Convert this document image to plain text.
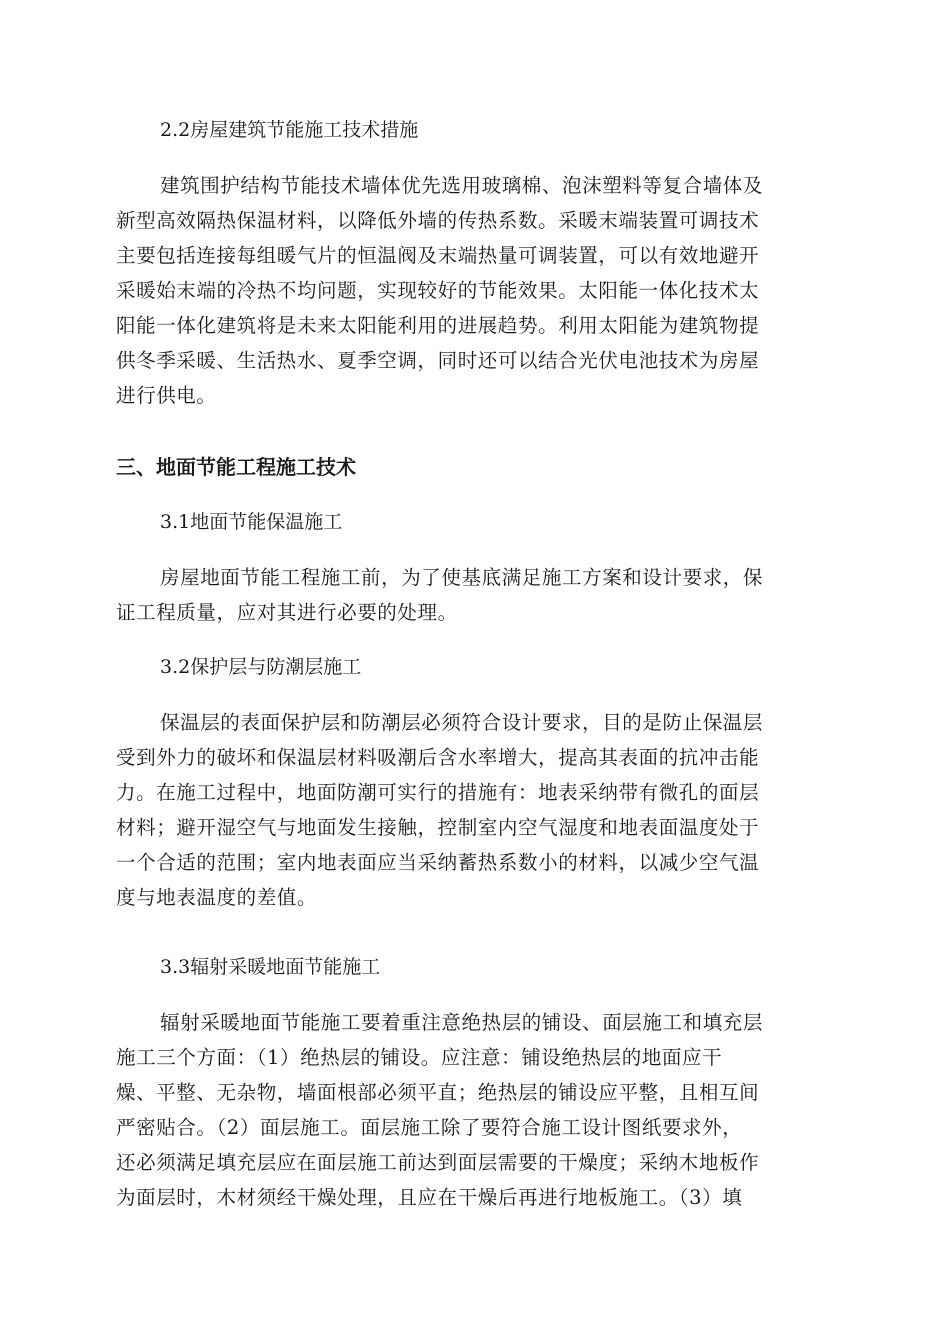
2.2房屋建筑节能施工技术措施
建筑围护结构节能技术墙体优先选用玻璃棉、泡沫塑料等复合墙体及
新型高效隔热保温材料，以降低外墙的传热系数。采暖末端装置可调技术
主要包括连接每组暖气片的恒温阀及末端热量可调装置，可以有效地避开
采暖始末端的冷热不均问题，实现较好的节能效果。太阳能一体化技术太
阳能一体化建筑将是未来太阳能利用的进展趋势。利用太阳能为建筑物提
供冬季采暖、生活热水、夏季空调，同时还可以结合光伏电池技术为房屋
进行供电。
三、地面节能工程施工技术
3.1地面节能保温施工
房屋地面节能工程施工前，为了使基底满足施工方案和设计要求，保
证工程质量，应对其进行必要的处理。
3.2保护层与防潮层施工
保温层的表面保护层和防潮层必须符合设计要求，目的是防止保温层
受到外力的破坏和保温层材料吸潮后含水率增大，提高其表面的抗冲击能
力。在施工过程中，地面防潮可实行的措施有：地表采纳带有微孔的面层
材料；避开湿空气与地面发生接触，控制室内空气湿度和地表面温度处于
一个合适的范围；室内地表面应当采纳蓄热系数小的材料，以减少空气温
度与地表温度的差值。
3.3辐射采暖地面节能施工
辐射采暖地面节能施工要着重注意绝热层的铺设、面层施工和填充层
施工三个方面：（1）绝热层的铺设。应注意：铺设绝热层的地面应干
燥、平整、无杂物，墙面根部必须平直；绝热层的铺设应平整，且相互间
严密贴合。（2）面层施工。面层施工除了要符合施工设计图纸要求外，
还必须满足填充层应在面层施工前达到面层需要的干燥度；采纳木地板作
为面层时，木材须经干燥处理，且应在干燥后再进行地板施工。（3）填
